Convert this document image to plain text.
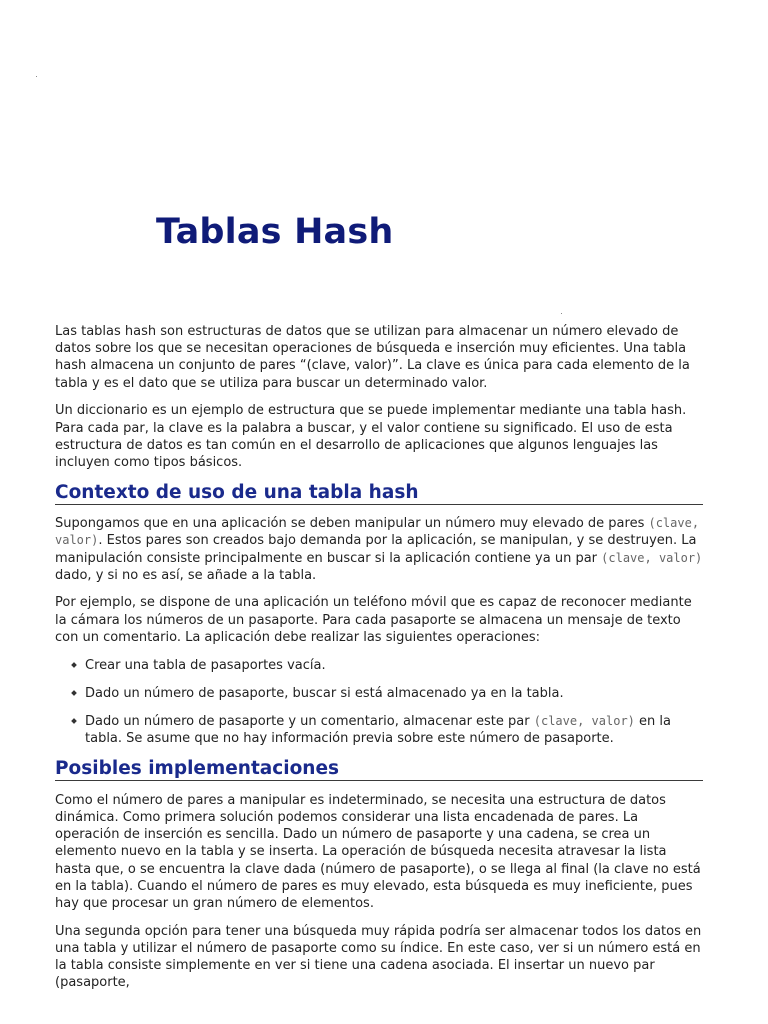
Tablas Hash

Las tablas hash son estructuras de datos que se utilizan para almacenar un número elevado de datos sobre los que se necesitan operaciones de búsqueda e inserción muy eficientes. Una tabla hash almacena un conjunto de pares “(clave, valor)”. La clave es única para cada elemento de la tabla y es el dato que se utiliza para buscar un determinado valor.

Un diccionario es un ejemplo de estructura que se puede implementar mediante una tabla hash. Para cada par, la clave es la palabra a buscar, y el valor contiene su significado. El uso de esta estructura de datos es tan común en el desarrollo de aplicaciones que algunos lenguajes las incluyen como tipos básicos.

Contexto de uso de una tabla hash

Supongamos que en una aplicación se deben manipular un número muy elevado de pares (clave, valor). Estos pares son creados bajo demanda por la aplicación, se manipulan, y se destruyen. La manipulación consiste principalmente en buscar si la aplicación contiene ya un par (clave, valor) dado, y si no es así, se añade a la tabla.

Por ejemplo, se dispone de una aplicación un teléfono móvil que es capaz de reconocer mediante la cámara los números de un pasaporte. Para cada pasaporte se almacena un mensaje de texto con un comentario. La aplicación debe realizar las siguientes operaciones:

Crear una tabla de pasaportes vacía.
Dado un número de pasaporte, buscar si está almacenado ya en la tabla.
Dado un número de pasaporte y un comentario, almacenar este par (clave, valor) en la tabla. Se asume que no hay información previa sobre este número de pasaporte.
Posibles implementaciones

Como el número de pares a manipular es indeterminado, se necesita una estructura de datos dinámica. Como primera solución podemos considerar una lista encadenada de pares. La operación de inserción es sencilla. Dado un número de pasaporte y una cadena, se crea un elemento nuevo en la tabla y se inserta. La operación de búsqueda necesita atravesar la lista hasta que, o se encuentra la clave dada (número de pasaporte), o se llega al final (la clave no está en la tabla). Cuando el número de pares es muy elevado, esta búsqueda es muy ineficiente, pues hay que procesar un gran número de elementos.

Una segunda opción para tener una búsqueda muy rápida podría ser almacenar todos los datos en una tabla y utilizar el número de pasaporte como su índice. En este caso, ver si un número está en la tabla consiste simplemente en ver si tiene una cadena asociada. El insertar un nuevo par (pasaporte,
